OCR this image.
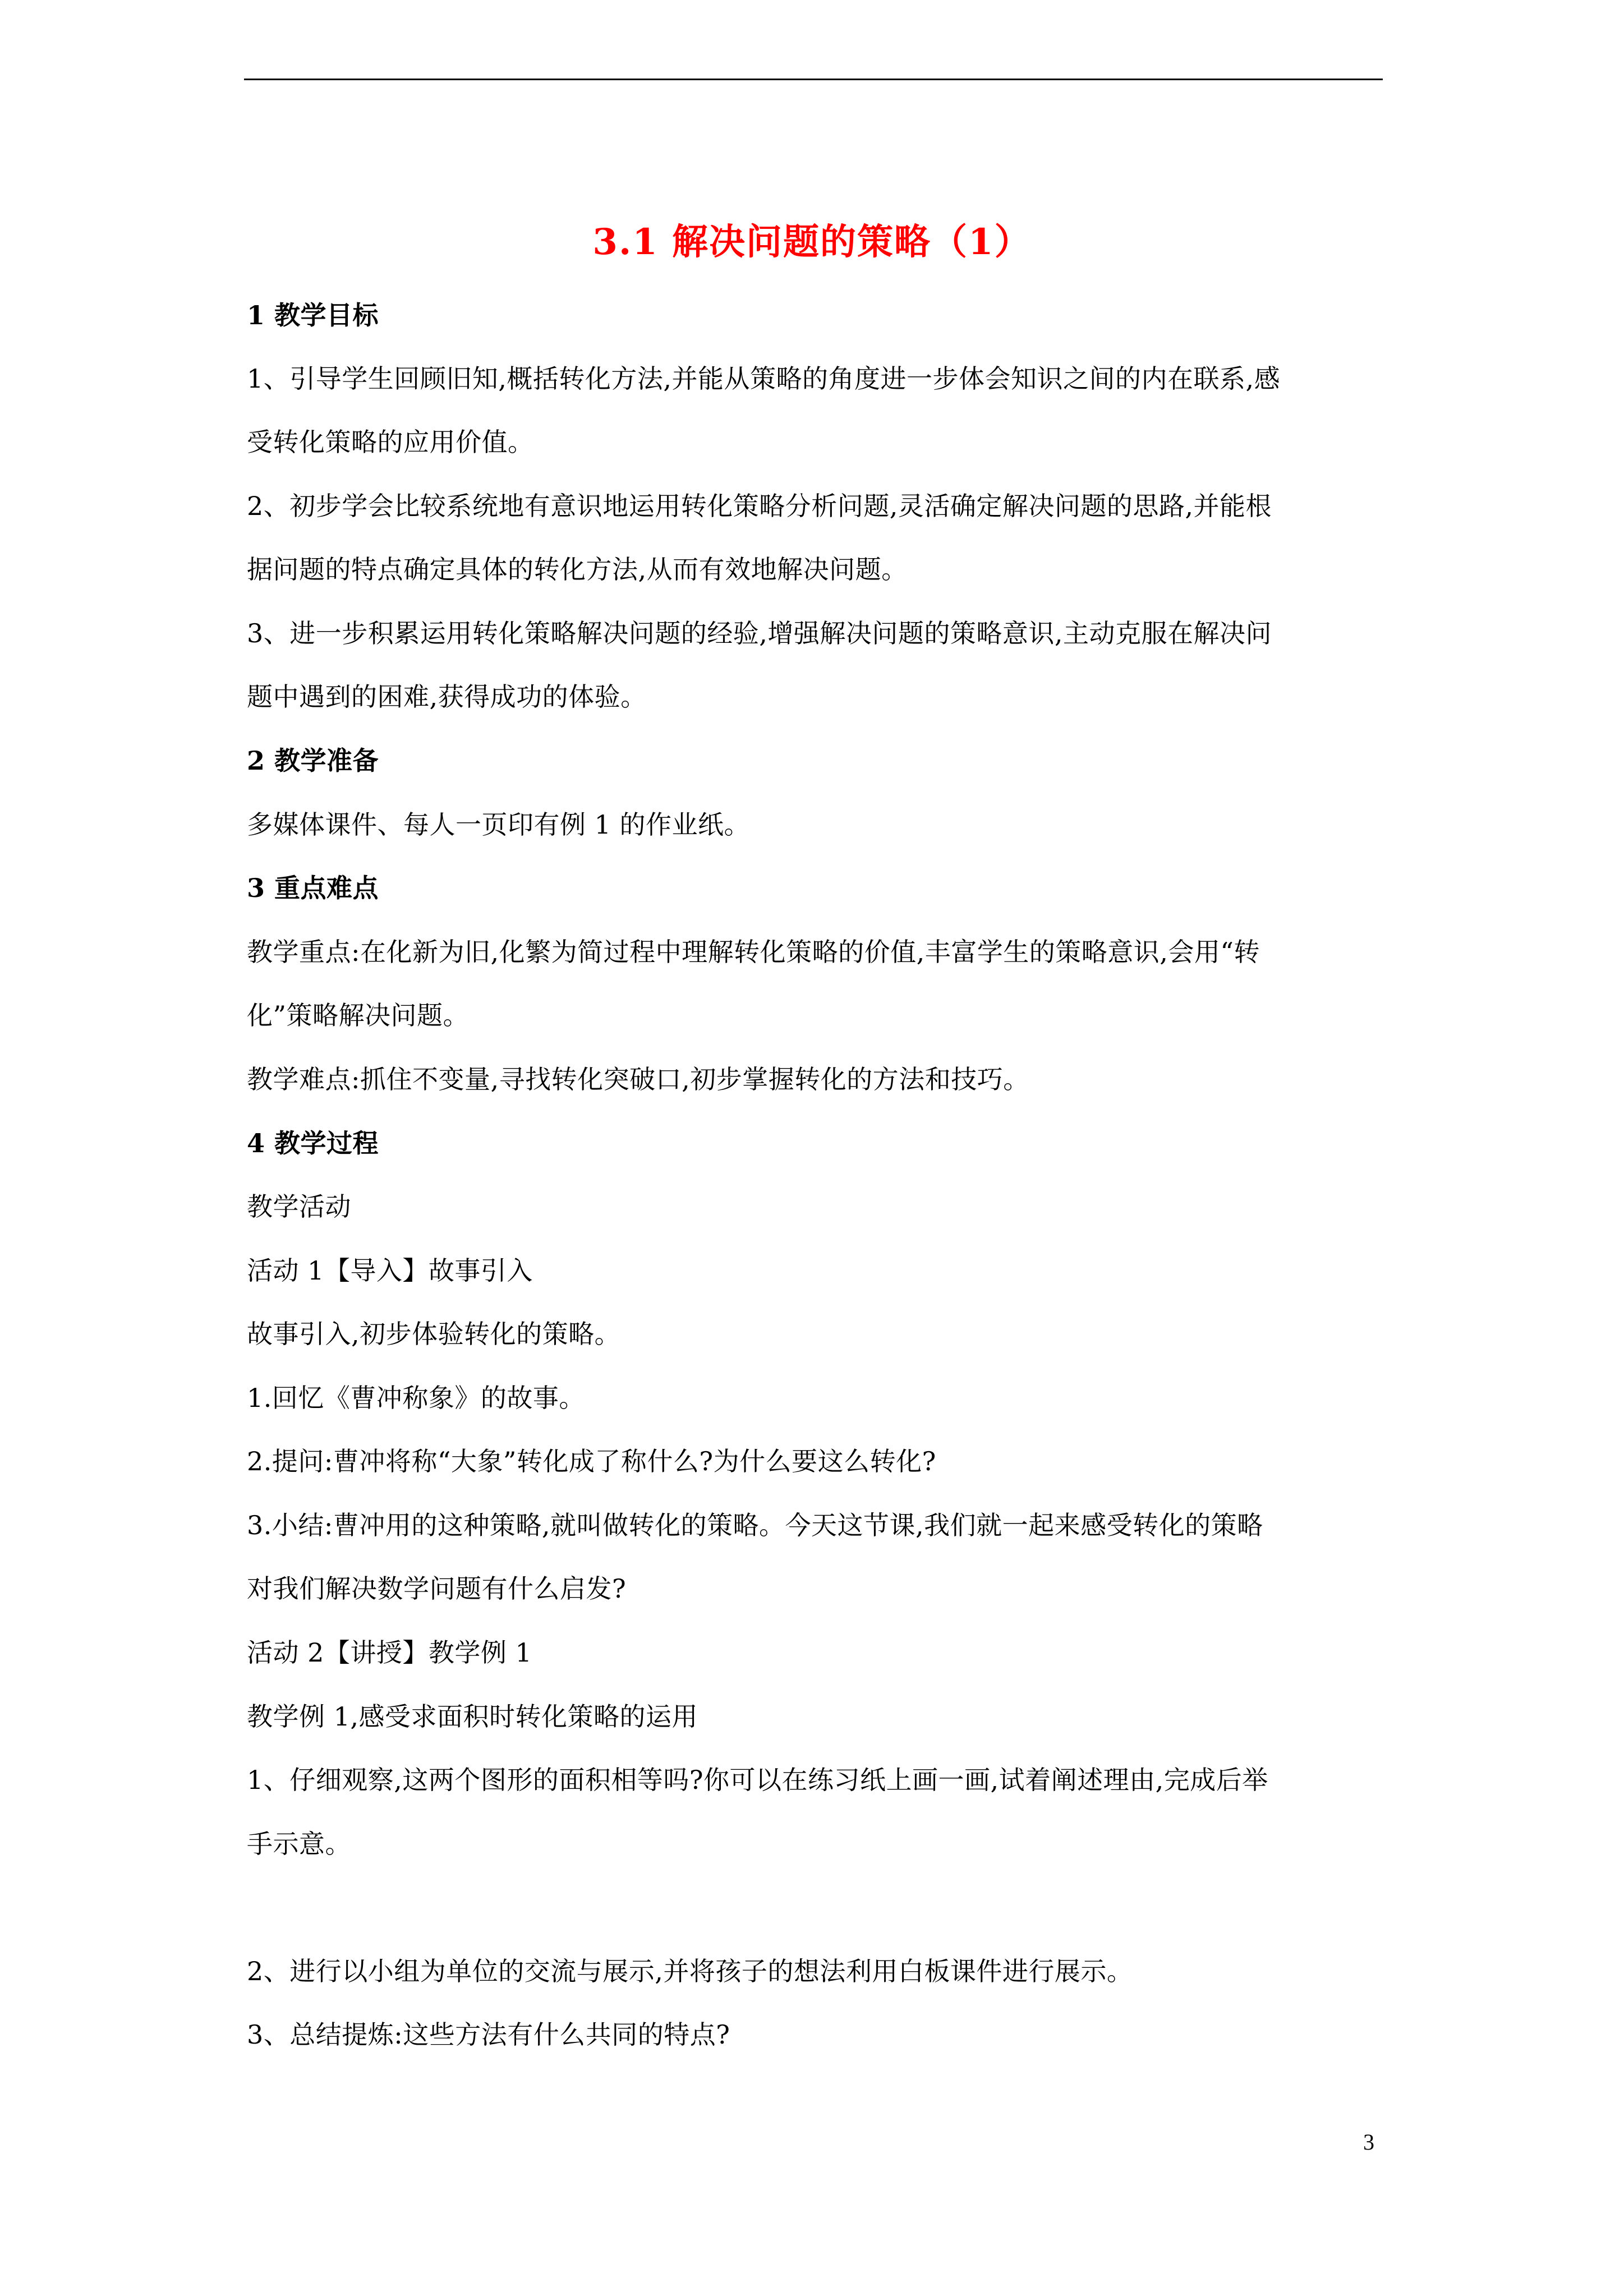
3.1 解决问题的策略（1）
1 教学目标
1、引导学生回顾旧知,概括转化方法,并能从策略的角度进一步体会知识之间的内在联系,感
受转化策略的应用价值。
2、初步学会比较系统地有意识地运用转化策略分析问题,灵活确定解决问题的思路,并能根
据问题的特点确定具体的转化方法,从而有效地解决问题。
3、进一步积累运用转化策略解决问题的经验,增强解决问题的策略意识,主动克服在解决问
题中遇到的困难,获得成功的体验。
2 教学准备
多媒体课件、每人一页印有例 1 的作业纸。
3 重点难点
教学重点:在化新为旧,化繁为简过程中理解转化策略的价值,丰富学生的策略意识,会用“转
化”策略解决问题。
教学难点:抓住不变量,寻找转化突破口,初步掌握转化的方法和技巧。
4 教学过程
教学活动
活动 1【导入】故事引入
故事引入,初步体验转化的策略。
1.回忆《曹冲称象》的故事。
2.提问:曹冲将称“大象”转化成了称什么?为什么要这么转化?
3.小结:曹冲用的这种策略,就叫做转化的策略。今天这节课,我们就一起来感受转化的策略
对我们解决数学问题有什么启发?
活动 2【讲授】教学例 1
教学例 1,感受求面积时转化策略的运用
1、仔细观察,这两个图形的面积相等吗?你可以在练习纸上画一画,试着阐述理由,完成后举
手示意。
2、进行以小组为单位的交流与展示,并将孩子的想法利用白板课件进行展示。
3、总结提炼:这些方法有什么共同的特点?
3
